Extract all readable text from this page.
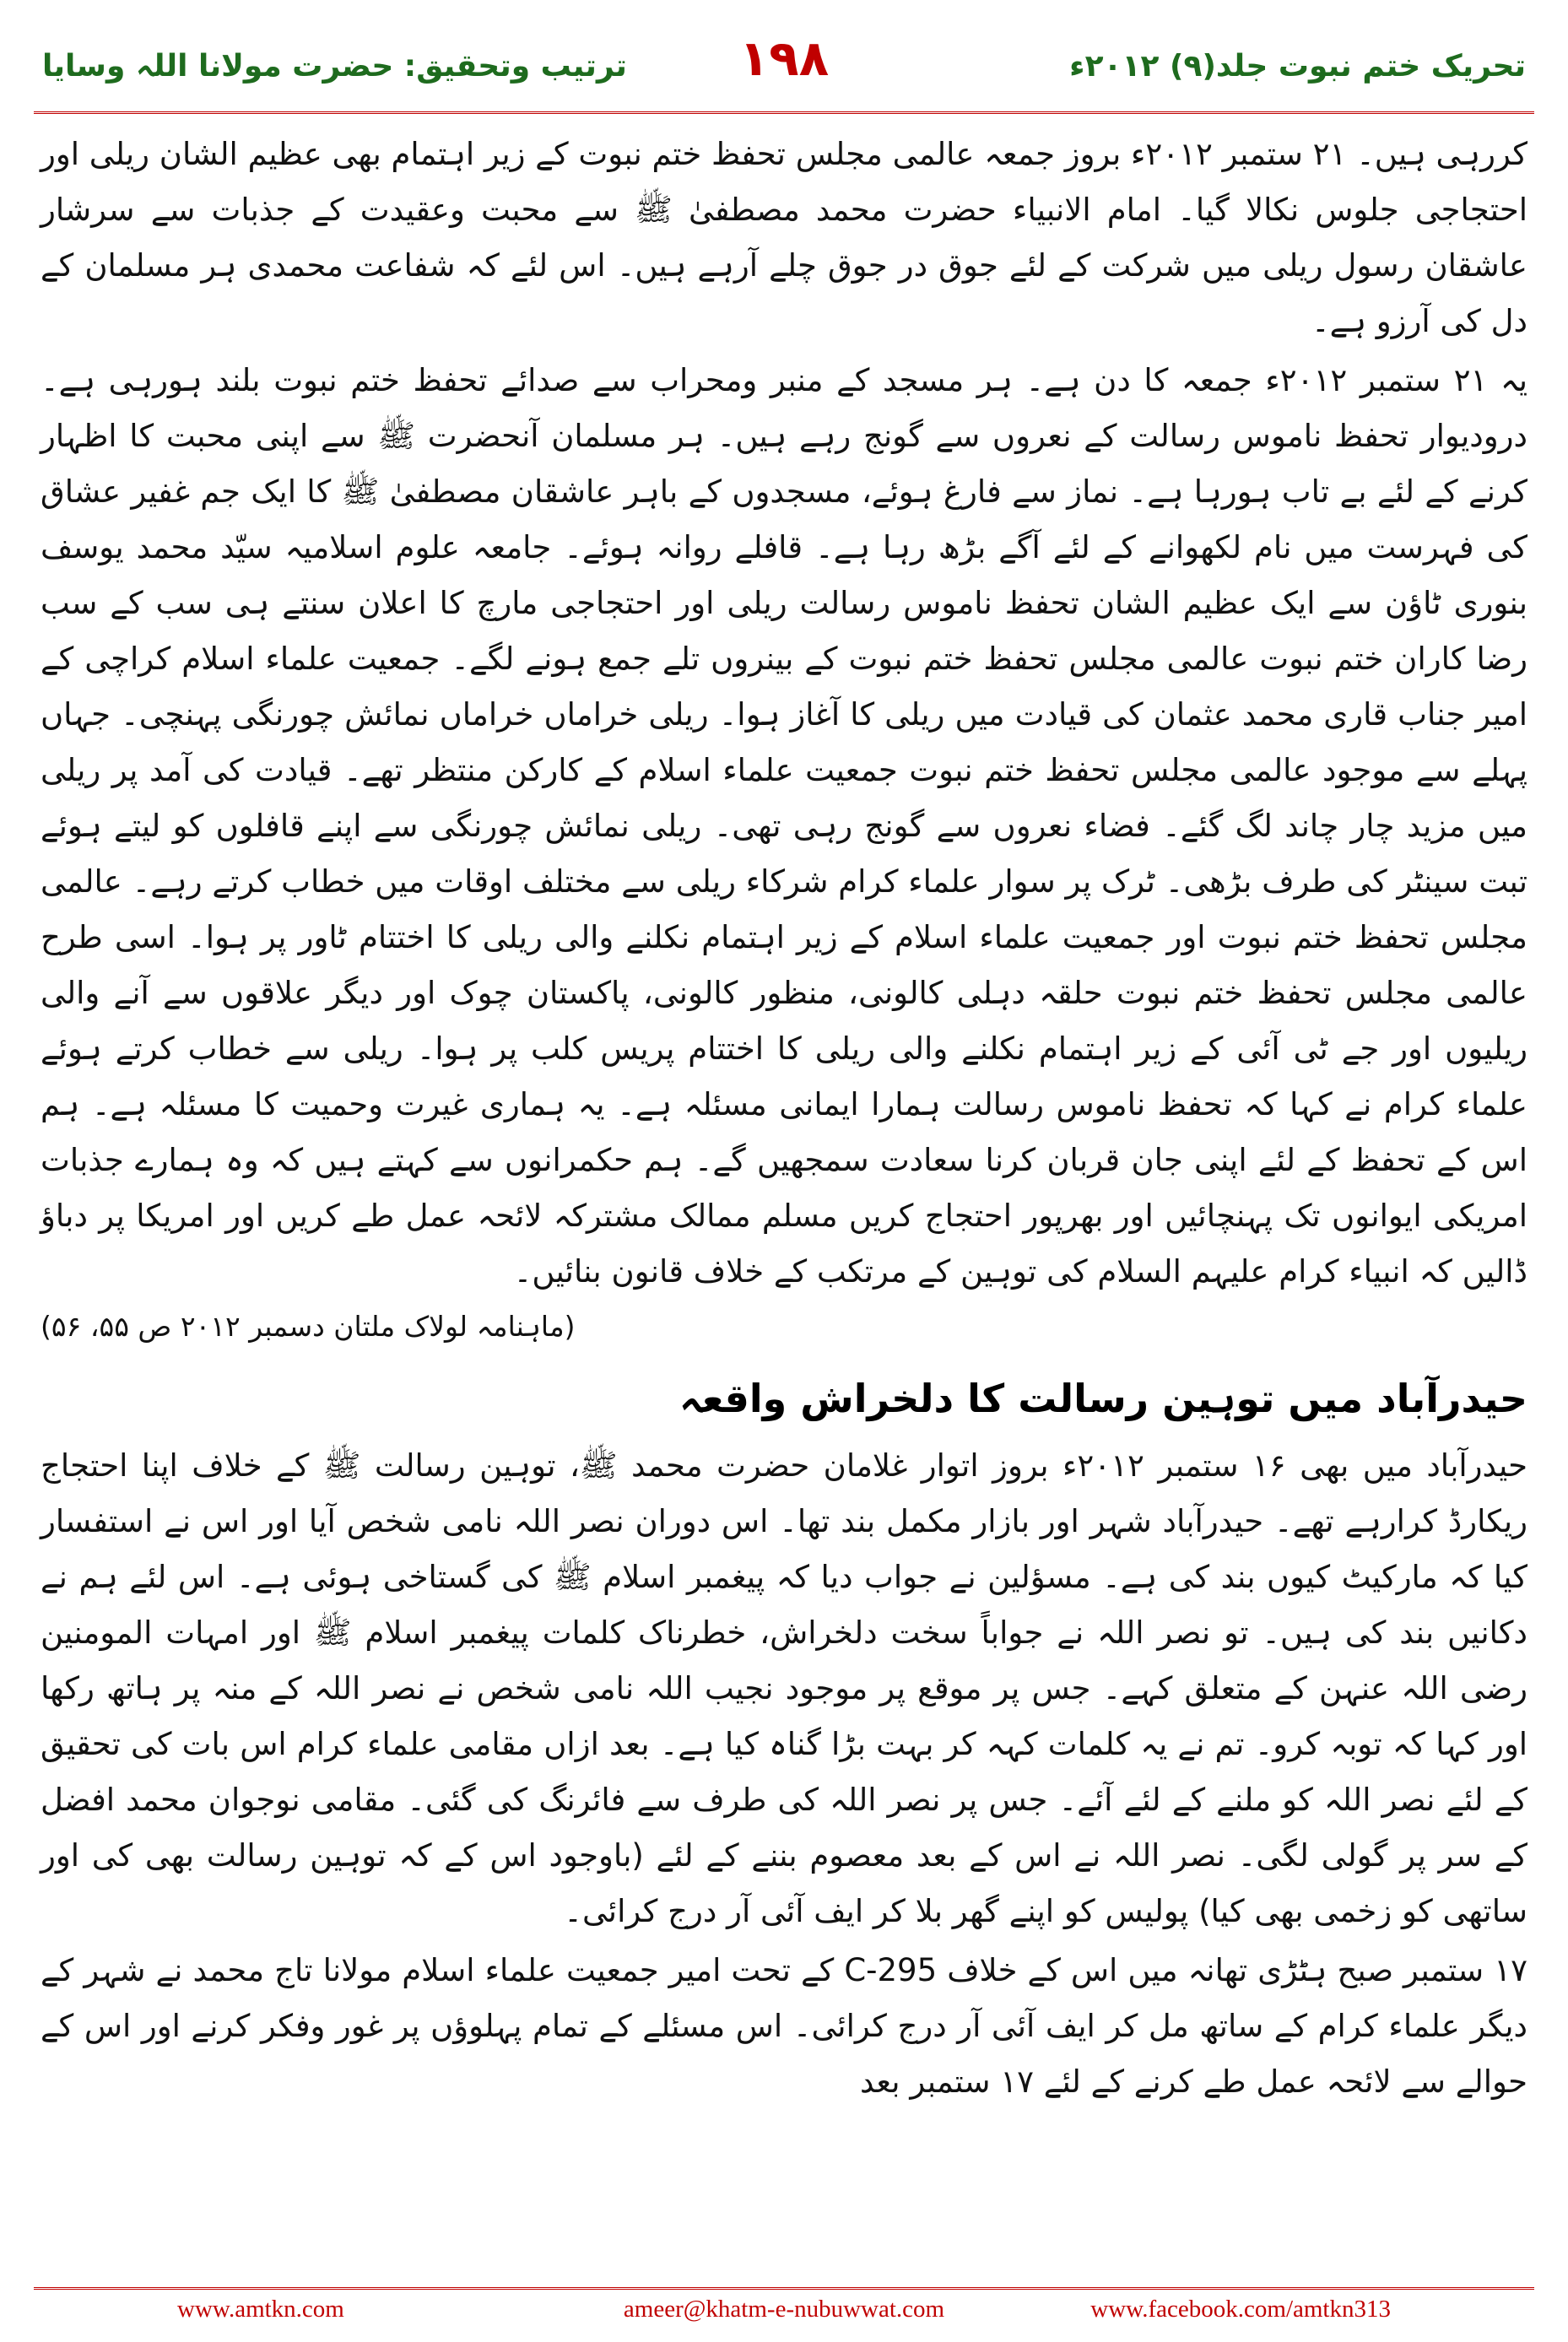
تحریک ختم نبوت جلد(۹) ۲۰۱۲ء
۱۹۸
ترتیب وتحقیق: حضرت مولانا اللہ وسایا

کررہی ہیں۔ ۲۱ ستمبر ۲۰۱۲ء بروز جمعہ عالمی مجلس تحفظ ختم نبوت کے زیر اہتمام بھی عظیم الشان ریلی اور احتجاجی جلوس نکالا گیا۔ امام الانبیاء حضرت محمد مصطفیٰ ﷺ سے محبت وعقیدت کے جذبات سے سرشار عاشقان رسول ریلی میں شرکت کے لئے جوق در جوق چلے آرہے ہیں۔ اس لئے کہ شفاعت محمدی ہر مسلمان کے دل کی آرزو ہے۔

یہ ۲۱ ستمبر ۲۰۱۲ء جمعہ کا دن ہے۔ ہر مسجد کے منبر ومحراب سے صدائے تحفظ ختم نبوت بلند ہورہی ہے۔ درودیوار تحفظ ناموس رسالت کے نعروں سے گونج رہے ہیں۔ ہر مسلمان آنحضرت ﷺ سے اپنی محبت کا اظہار کرنے کے لئے بے تاب ہورہا ہے۔ نماز سے فارغ ہوئے، مسجدوں کے باہر عاشقان مصطفیٰ ﷺ کا ایک جم غفیر عشاق کی فہرست میں نام لکھوانے کے لئے آگے بڑھ رہا ہے۔ قافلے روانہ ہوئے۔ جامعہ علوم اسلامیہ سیّد محمد یوسف بنوری ٹاؤن سے ایک عظیم الشان تحفظ ناموس رسالت ریلی اور احتجاجی مارچ کا اعلان سنتے ہی سب کے سب رضا کاران ختم نبوت عالمی مجلس تحفظ ختم نبوت کے بینروں تلے جمع ہونے لگے۔ جمعیت علماء اسلام کراچی کے امیر جناب قاری محمد عثمان کی قیادت میں ریلی کا آغاز ہوا۔ ریلی خراماں خراماں نمائش چورنگی پہنچی۔ جہاں پہلے سے موجود عالمی مجلس تحفظ ختم نبوت جمعیت علماء اسلام کے کارکن منتظر تھے۔ قیادت کی آمد پر ریلی میں مزید چار چاند لگ گئے۔ فضاء نعروں سے گونج رہی تھی۔ ریلی نمائش چورنگی سے اپنے قافلوں کو لیتے ہوئے تبت سینٹر کی طرف بڑھی۔ ٹرک پر سوار علماء کرام شرکاء ریلی سے مختلف اوقات میں خطاب کرتے رہے۔ عالمی مجلس تحفظ ختم نبوت اور جمعیت علماء اسلام کے زیر اہتمام نکلنے والی ریلی کا اختتام ٹاور پر ہوا۔ اسی طرح عالمی مجلس تحفظ ختم نبوت حلقہ دہلی کالونی، منظور کالونی، پاکستان چوک اور دیگر علاقوں سے آنے والی ریلیوں اور جے ٹی آئی کے زیر اہتمام نکلنے والی ریلی کا اختتام پریس کلب پر ہوا۔ ریلی سے خطاب کرتے ہوئے علماء کرام نے کہا کہ تحفظ ناموس رسالت ہمارا ایمانی مسئلہ ہے۔ یہ ہماری غیرت وحمیت کا مسئلہ ہے۔ ہم اس کے تحفظ کے لئے اپنی جان قربان کرنا سعادت سمجھیں گے۔ ہم حکمرانوں سے کہتے ہیں کہ وہ ہمارے جذبات امریکی ایوانوں تک پہنچائیں اور بھرپور احتجاج کریں مسلم ممالک مشترکہ لائحہ عمل طے کریں اور امریکا پر دباؤ ڈالیں کہ انبیاء کرام علیہم السلام کی توہین کے مرتکب کے خلاف قانون بنائیں۔

(ماہنامہ لولاک ملتان دسمبر ۲۰۱۲ ص ۵۵، ۵۶)
حیدرآباد میں توہین رسالت کا دلخراش واقعہ

حیدرآباد میں بھی ۱۶ ستمبر ۲۰۱۲ء بروز اتوار غلامان حضرت محمد ﷺ، توہین رسالت ﷺ کے خلاف اپنا احتجاج ریکارڈ کرارہے تھے۔ حیدرآباد شہر اور بازار مکمل بند تھا۔ اس دوران نصر اللہ نامی شخص آیا اور اس نے استفسار کیا کہ مارکیٹ کیوں بند کی ہے۔ مسؤلین نے جواب دیا کہ پیغمبر اسلام ﷺ کی گستاخی ہوئی ہے۔ اس لئے ہم نے دکانیں بند کی ہیں۔ تو نصر اللہ نے جواباً سخت دلخراش، خطرناک کلمات پیغمبر اسلام ﷺ اور امہات المومنین رضی اللہ عنہن کے متعلق کہے۔ جس پر موقع پر موجود نجیب اللہ نامی شخص نے نصر اللہ کے منہ پر ہاتھ رکھا اور کہا کہ توبہ کرو۔ تم نے یہ کلمات کہہ کر بہت بڑا گناہ کیا ہے۔ بعد ازاں مقامی علماء کرام اس بات کی تحقیق کے لئے نصر اللہ کو ملنے کے لئے آئے۔ جس پر نصر اللہ کی طرف سے فائرنگ کی گئی۔ مقامی نوجوان محمد افضل کے سر پر گولی لگی۔ نصر اللہ نے اس کے بعد معصوم بننے کے لئے (باوجود اس کے کہ توہین رسالت بھی کی اور ساتھی کو زخمی بھی کیا) پولیس کو اپنے گھر بلا کر ایف آئی آر درج کرائی۔

۱۷ ستمبر صبح ہٹڑی تھانہ میں اس کے خلاف 295-C کے تحت امیر جمعیت علماء اسلام مولانا تاج محمد نے شہر کے دیگر علماء کرام کے ساتھ مل کر ایف آئی آر درج کرائی۔ اس مسئلے کے تمام پہلوؤں پر غور وفکر کرنے اور اس کے حوالے سے لائحہ عمل طے کرنے کے لئے ۱۷ ستمبر بعد

www.amtkn.com	ameer@khatm-e-nubuwwat.com	www.facebook.com/amtkn313
